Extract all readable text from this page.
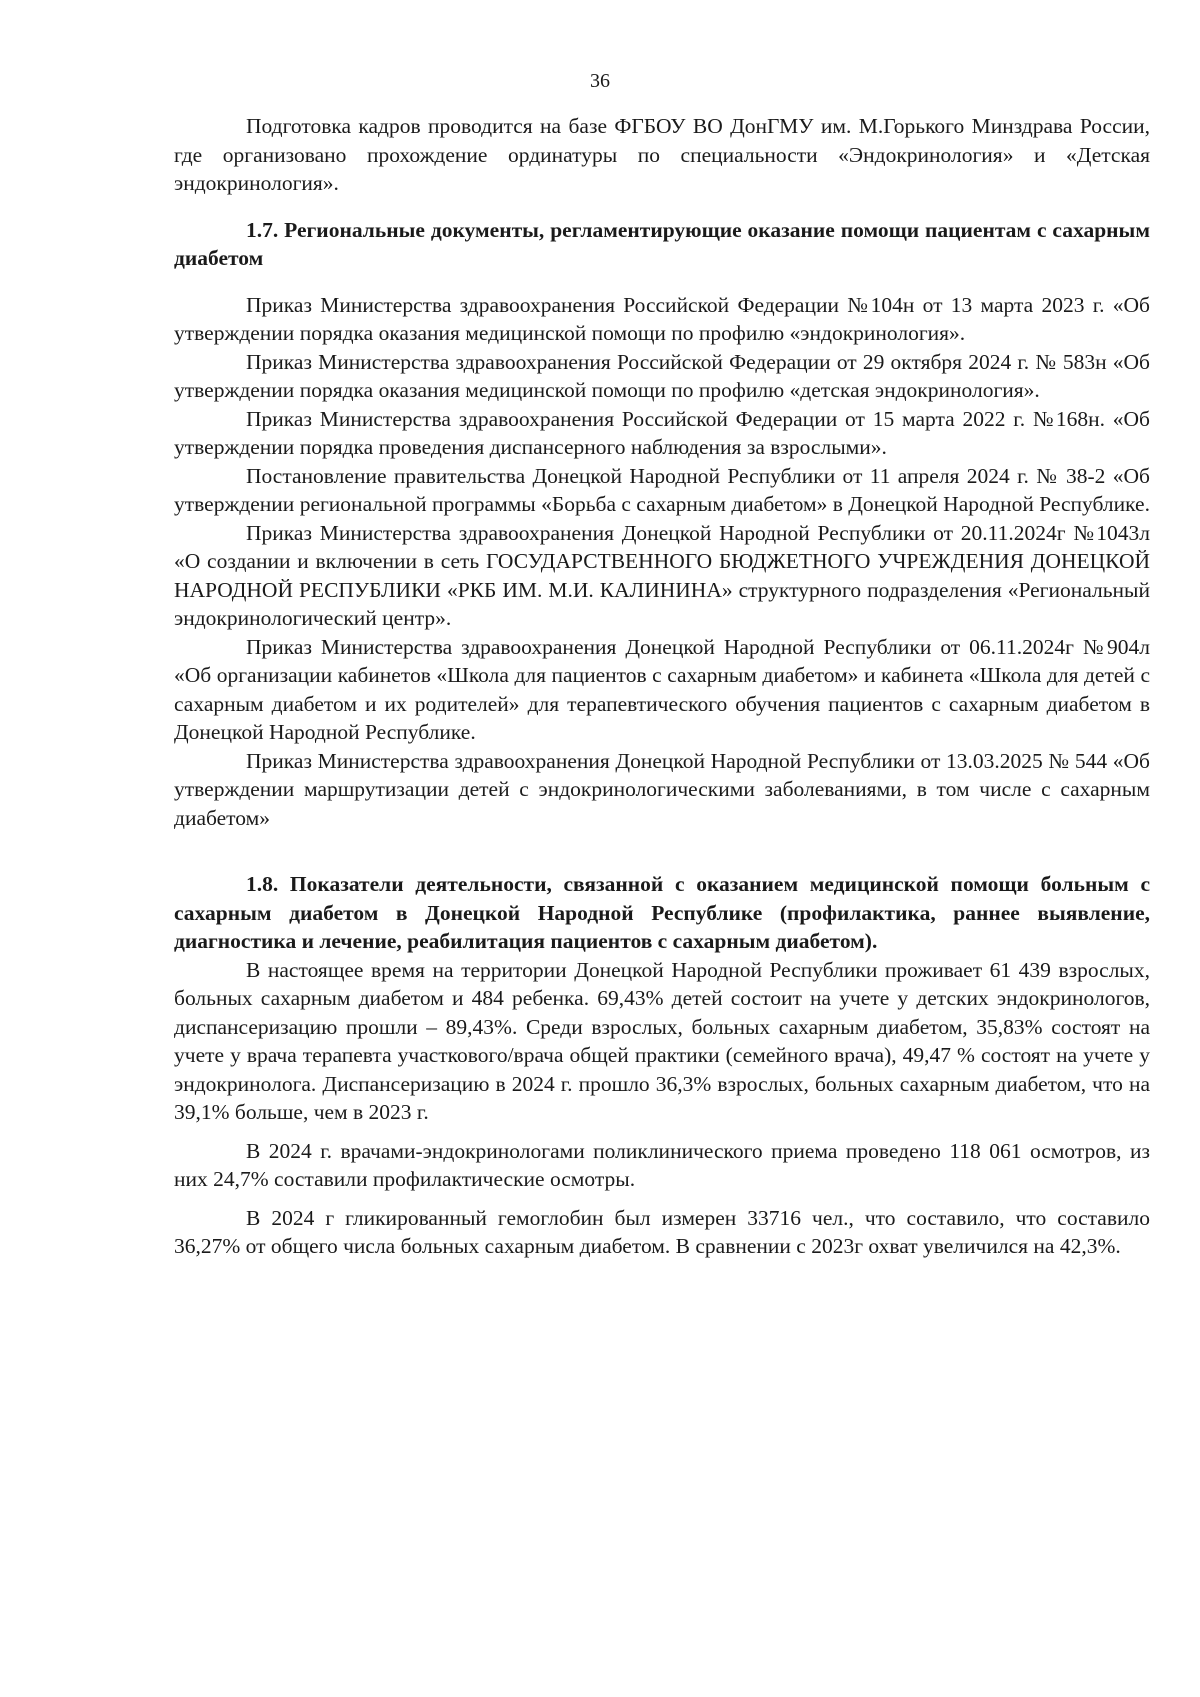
36

Подготовка кадров проводится на базе ФГБОУ ВО ДонГМУ им. М.Горького Минздрава России, где организовано прохождение ординатуры по специальности «Эндокринология» и «Детская эндокринология».

1.7. Региональные документы, регламентирующие оказание помощи пациентам с сахарным диабетом

Приказ Министерства здравоохранения Российской Федерации №104н от 13 марта 2023 г. «Об утверждении порядка оказания медицинской помощи по профилю «эндокринология».

Приказ Министерства здравоохранения Российской Федерации от 29 октября 2024 г. № 583н «Об утверждении порядка оказания медицинской помощи по профилю «детская эндокринология».

Приказ Министерства здравоохранения Российской Федерации от 15 марта 2022 г. №168н. «Об утверждении порядка проведения диспансерного наблюдения за взрослыми».

Постановление правительства Донецкой Народной Республики от 11 апреля 2024 г. № 38-2 «Об утверждении региональной программы «Борьба с сахарным диабетом» в Донецкой Народной Республике.

Приказ Министерства здравоохранения Донецкой Народной Республики от 20.11.2024г №1043л «О создании и включении в сеть ГОСУДАРСТВЕННОГО БЮДЖЕТНОГО УЧРЕЖДЕНИЯ ДОНЕЦКОЙ НАРОДНОЙ РЕСПУБЛИКИ «РКБ ИМ. М.И. КАЛИНИНА» структурного подразделения «Региональный эндокринологический центр».

Приказ Министерства здравоохранения Донецкой Народной Республики от 06.11.2024г №904л «Об организации кабинетов «Школа для пациентов с сахарным диабетом» и кабинета «Школа для детей с сахарным диабетом и их родителей» для терапевтического обучения пациентов с сахарным диабетом в Донецкой Народной Республике.

Приказ Министерства здравоохранения Донецкой Народной Республики от 13.03.2025 № 544 «Об утверждении маршрутизации детей с эндокринологическими заболеваниями, в том числе с сахарным диабетом»

1.8. Показатели деятельности, связанной с оказанием медицинской помощи больным с сахарным диабетом в Донецкой Народной Республике (профилактика, раннее выявление, диагностика и лечение, реабилитация пациентов с сахарным диабетом).

В настоящее время на территории Донецкой Народной Республики проживает 61 439 взрослых, больных сахарным диабетом и 484 ребенка. 69,43% детей состоит на учете у детских эндокринологов, диспансеризацию прошли – 89,43%. Среди взрослых, больных сахарным диабетом, 35,83% состоят на учете у врача терапевта участкового/врача общей практики (семейного врача), 49,47 % состоят на учете у эндокринолога. Диспансеризацию в 2024 г. прошло 36,3% взрослых, больных сахарным диабетом, что на 39,1% больше, чем в 2023 г.

В 2024 г. врачами-эндокринологами поликлинического приема проведено 118 061 осмотров, из них 24,7% составили профилактические осмотры.

В 2024 г гликированный гемоглобин был измерен 33716 чел., что составило, что составило 36,27% от общего числа больных сахарным диабетом. В сравнении с 2023г охват увеличился на 42,3%.
